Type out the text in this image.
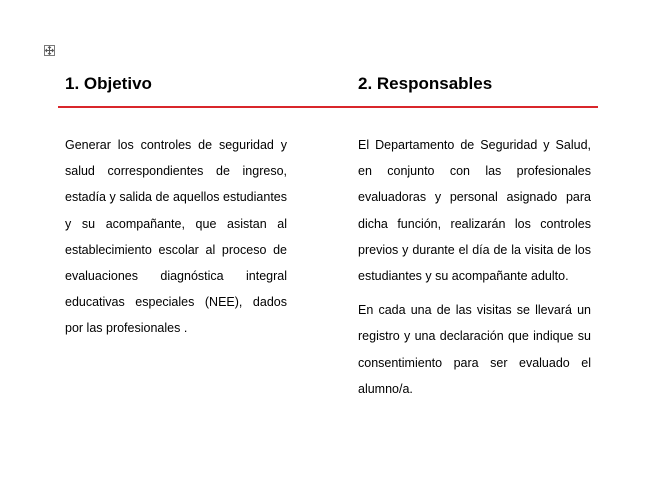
1. Objetivo	2. Responsables

Generar los controles de seguridad y salud correspondientes de ingreso, estadía y salida de aquellos estudiantes y su acompañante, que asistan al establecimiento escolar al proceso de evaluaciones diagnóstica integral educativas especiales (NEE), dados por las profesionales .

El Departamento de Seguridad y Salud, en conjunto con las profesionales evaluadoras y personal asignado para dicha función, realizarán los controles previos y durante el día de la visita de los estudiantes y su acompañante adulto.

En cada una de las visitas se llevará un registro y una declaración que indique su consentimiento para ser evaluado el alumno/a.
